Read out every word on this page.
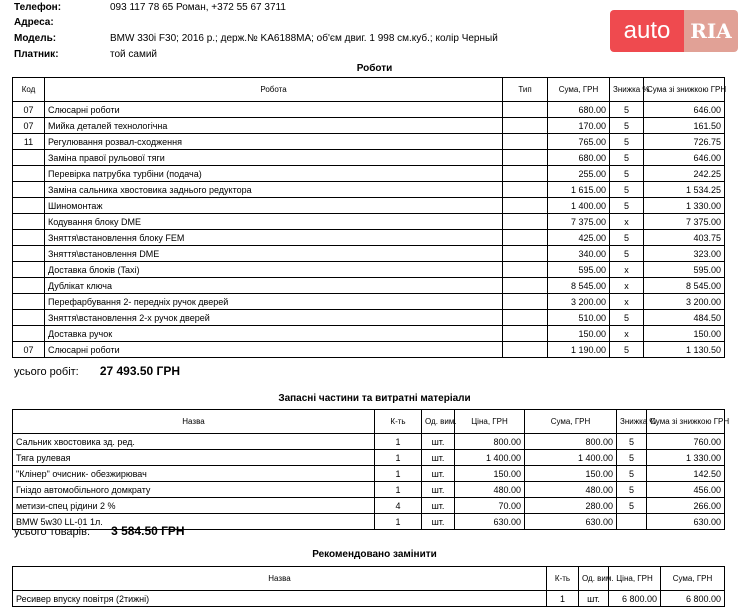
Телефон:	093 117 78 65 Роман, +372 55 67 3711
Адреса:
Модель:	BMW 330i F30; 2016 р.; держ.№ KA6188MA; об'єм двиг. 1 998 см.куб.; колір Черный
Платник:	той самий
auto RIA
Роботи
Код	Робота	Тип	Сума, ГРН	Знижка %	Сума зі знижкою ГРН
07	Слюсарні роботи		680.00	5	646.00
07	Мийка деталей технологічна		170.00	5	161.50
11	Регулювання розвал-сходження		765.00	5	726.75
	Заміна правої рульової тяги		680.00	5	646.00
	Перевірка патрубка турбіни (подача)		255.00	5	242.25
	Заміна сальника хвостовика заднього редуктора		1 615.00	5	1 534.25
	Шиномонтаж		1 400.00	5	1 330.00
	Кодування блоку DME		7 375.00	x	7 375.00
	Зняття\встановлення блоку FEM		425.00	5	403.75
	Зняття\встановлення DME		340.00	5	323.00
	Доставка блоків (Taxi)		595.00	x	595.00
	Дублікат ключа		8 545.00	x	8 545.00
	Перефарбування 2- передніх ручок дверей		3 200.00	x	3 200.00
	Зняття\встановлення 2-х ручок дверей		510.00	5	484.50
	Доставка ручок		150.00	x	150.00
07	Слюсарні роботи		1 190.00	5	1 130.50
усього робіт: 27 493.50 ГРН
Запасні частини та витратні матеріали
Назва	К-ть	Од. вим.	Ціна, ГРН	Сума, ГРН	Знижка %	Сума зі знижкою ГРН
Сальник хвостовика зд. ред.	1	шт.	800.00	800.00	5	760.00
Тяга рулевая	1	шт.	1 400.00	1 400.00	5	1 330.00
"Клінер" очисник- обезжирювач	1	шт.	150.00	150.00	5	142.50
Гніздо автомобільного домкрату	1	шт.	480.00	480.00	5	456.00
метизи-спец рідини 2 %	4	шт.	70.00	280.00	5	266.00
BMW 5w30 LL-01 1л.	1	шт.	630.00	630.00		630.00
усього товарів: 3 584.50 ГРН
Рекомендовано замінити
Назва	К-ть	Од. вим.	Ціна, ГРН	Сума, ГРН
Ресивер впуску повітря (2тижні)	1	шт.	6 800.00	6 800.00
